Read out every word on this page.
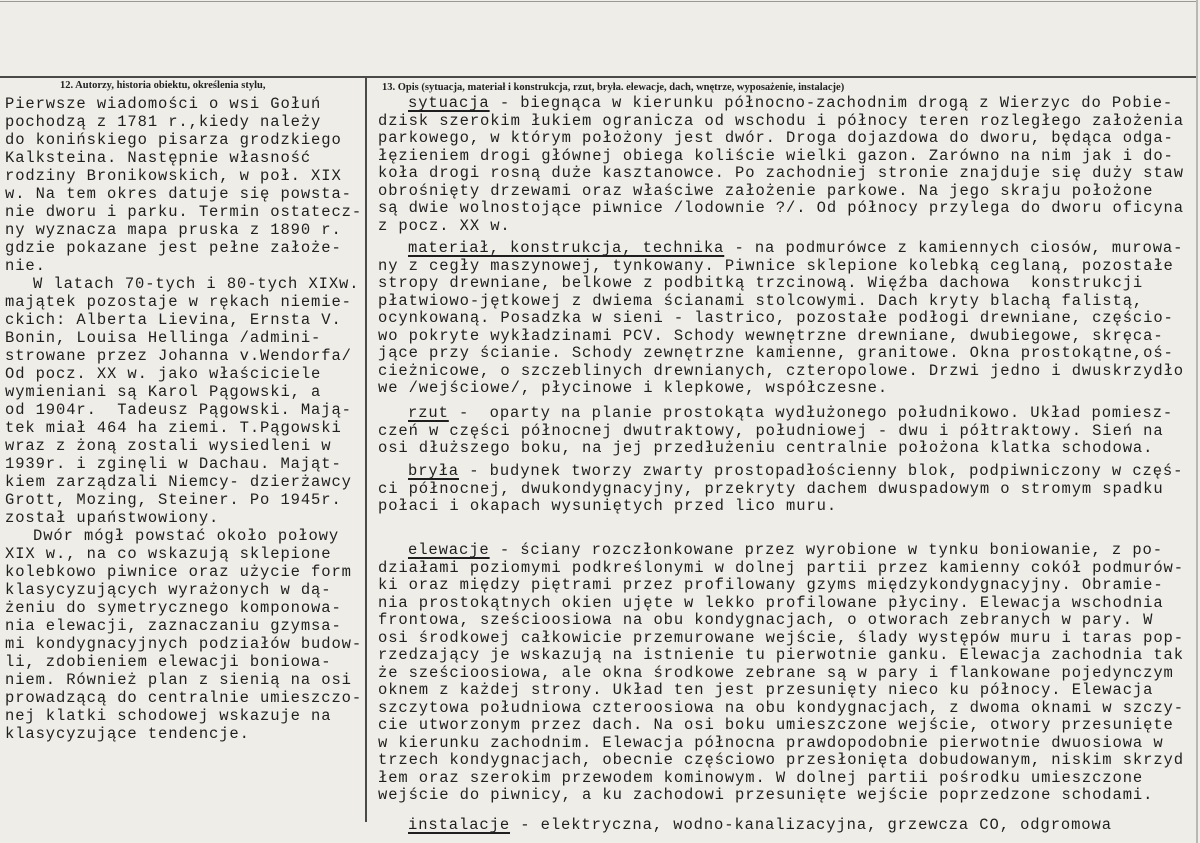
12. Autorzy, historia obiektu, określenia stylu,	13. Opis (sytuacja, materiał i konstrukcja, rzut, bryła. elewacje, dach, wnętrze, wyposażenie, instalacje)
Pierwsze wiadomości o wsi Gołuń
pochodzą z 1781 r.,kiedy należy
do konińskiego pisarza grodzkiego
Kalksteina. Następnie własność
rodziny Bronikowskich, w poł. XIX
w. Na tem okres datuje się powsta-
nie dworu i parku. Termin ostatecz-
ny wyznacza mapa pruska z 1890 r.
gdzie pokazane jest pełne założe-
nie.
W latach 70-tych i 80-tych XIXw.
majątek pozostaje w rękach niemie-
ckich: Alberta Lievina, Ernsta V.
Bonin, Louisa Hellinga /admini-
strowane przez Johanna v.Wendorfa/
Od pocz. XX w. jako właściciele
wymieniani są Karol Pągowski, a
od 1904r.  Tadeusz Pągowski. Mają-
tek miał 464 ha ziemi. T.Pągowski
wraz z żoną zostali wysiedleni w
1939r. i zginęli w Dachau. Mająt-
kiem zarządzali Niemcy- dzierżawcy
Grott, Mozing, Steiner. Po 1945r.
został upaństwowiony.
Dwór mógł powstać około połowy
XIX w., na co wskazują sklepione
kolebkowo piwnice oraz użycie form
klasycyzujących wyrażonych w dą-
żeniu do symetrycznego komponowa-
nia elewacji, zaznaczaniu gzymsa-
mi kondygnacyjnych podziałów budow-
li, zdobieniem elewacji boniowa-
niem. Również plan z sienią na osi
prowadzącą do centralnie umieszczo-
nej klatki schodowej wskazuje na
klasycyzujące tendencje.
sytuacja - biegnąca w kierunku północno-zachodnim drogą z Wierzyc do Pobie-
dzisk szerokim łukiem ogranicza od wschodu i północy teren rozległego założenia
parkowego, w którym położony jest dwór. Droga dojazdowa do dworu, będąca odga-
łęzieniem drogi głównej obiega koliście wielki gazon. Zarówno na nim jak i do-
koła drogi rosną duże kasztanowce. Po zachodniej stronie znajduje się duży staw
obrośnięty drzewami oraz właściwe założenie parkowe. Na jego skraju położone
są dwie wolnostojące piwnice /lodownie ?/. Od północy przylega do dworu oficyna
z pocz. XX w.
materiał, konstrukcja, technika - na podmurówce z kamiennych ciosów, murowa-
ny z cegły maszynowej, tynkowany. Piwnice sklepione kolebką ceglaną, pozostałe
stropy drewniane, belkowe z podbitką trzcinową. Więźba dachowa  konstrukcji
płatwiowo-jętkowej z dwiema ścianami stolcowymi. Dach kryty blachą falistą,
ocynkowaną. Posadzka w sieni - lastrico, pozostałe podłogi drewniane, częścio-
wo pokryte wykładzinami PCV. Schody wewnętrzne drewniane, dwubiegowe, skręca-
jące przy ścianie. Schody zewnętrzne kamienne, granitowe. Okna prostokątne,oś-
cieżnicowe, o szczeblinych drewnianych, czteropolowe. Drzwi jedno i dwuskrzydło
we /wejściowe/, płycinowe i klepkowe, współczesne.
rzut -  oparty na planie prostokąta wydłużonego południkowo. Układ pomiesz-
czeń w części północnej dwutraktowy, południowej - dwu i półtraktowy. Sień na
osi dłuższego boku, na jej przedłużeniu centralnie położona klatka schodowa.
bryła - budynek tworzy zwarty prostopadłościenny blok, podpiwniczony w częś-
ci północnej, dwukondygnacyjny, przekryty dachem dwuspadowym o stromym spadku
połaci i okapach wysuniętych przed lico muru.
elewacje - ściany rozczłonkowane przez wyrobione w tynku boniowanie, z po-
działami poziomymi podkreślonymi w dolnej partii przez kamienny cokół podmurów-
ki oraz między piętrami przez profilowany gzyms międzykondygnacyjny. Obramie-
nia prostokątnych okien ujęte w lekko profilowane płyciny. Elewacja wschodnia
frontowa, sześcioosiowa na obu kondygnacjach, o otworach zebranych w pary. W
osi środkowej całkowicie przemurowane wejście, ślady występów muru i taras pop-
rzedzający je wskazują na istnienie tu pierwotnie ganku. Elewacja zachodnia tak
że sześcioosiowa, ale okna środkowe zebrane są w pary i flankowane pojedynczym
oknem z każdej strony. Układ ten jest przesunięty nieco ku północy. Elewacja
szczytowa południowa czteroosiowa na obu kondygnacjach, z dwoma oknami w szczy-
cie utworzonym przez dach. Na osi boku umieszczone wejście, otwory przesunięte
w kierunku zachodnim. Elewacja północna prawdopodobnie pierwotnie dwuosiowa w
trzech kondygnacjach, obecnie częściowo przesłonięta dobudowanym, niskim skrzyd
łem oraz szerokim przewodem kominowym. W dolnej partii pośrodku umieszczone
wejście do piwnicy, a ku zachodowi przesunięte wejście poprzedzone schodami.
instalacje - elektryczna, wodno-kanalizacyjna, grzewcza CO, odgromowa
